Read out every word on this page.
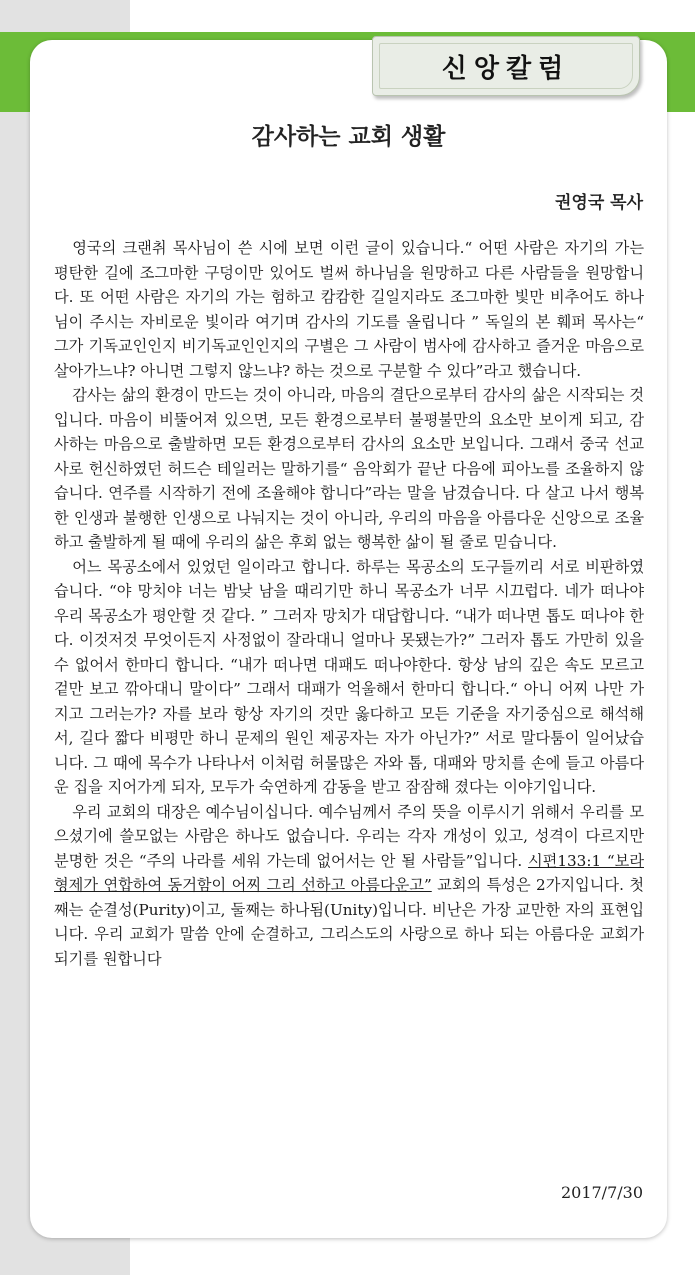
신앙칼럼
감사하는 교회 생활
권영국 목사

영국의 크랜취 목사님이 쓴 시에 보면 이런 글이 있습니다.“ 어떤 사람은 자기의 가는 평탄한 길에 조그마한 구덩이만 있어도 벌써 하나님을 원망하고 다른 사람들을 원망합니다. 또 어떤 사람은 자기의 가는 험하고 캄캄한 길일지라도 조그마한 빛만 비추어도 하나님이 주시는 자비로운 빛이라 여기며 감사의 기도를 올립니다 ” 독일의 본 훼퍼 목사는“ 그가 기독교인인지 비기독교인인지의 구별은 그 사람이 범사에 감사하고 즐거운 마음으로 살아가느냐? 아니면 그렇지 않느냐? 하는 것으로 구분할 수 있다”라고 했습니다.

감사는 삶의 환경이 만드는 것이 아니라, 마음의 결단으로부터 감사의 삶은 시작되는 것입니다. 마음이 비뚤어져 있으면, 모든 환경으로부터 불평불만의 요소만 보이게 되고, 감사하는 마음으로 출발하면 모든 환경으로부터 감사의 요소만 보입니다. 그래서 중국 선교사로 헌신하였던 허드슨 테일러는 말하기를“ 음악회가 끝난 다음에 피아노를 조율하지 않습니다. 연주를 시작하기 전에 조율해야 합니다”라는 말을 남겼습니다. 다 살고 나서 행복한 인생과 불행한 인생으로 나눠지는 것이 아니라, 우리의 마음을 아름다운 신앙으로 조율하고 출발하게 될 때에 우리의 삶은 후회 없는 행복한 삶이 될 줄로 믿습니다.

어느 목공소에서 있었던 일이라고 합니다. 하루는 목공소의 도구들끼리 서로 비판하였습니다. “야 망치야 너는 밤낮 남을 때리기만 하니 목공소가 너무 시끄럽다. 네가 떠나야 우리 목공소가 평안할 것 같다. ” 그러자 망치가 대답합니다. “내가 떠나면 톱도 떠나야 한다. 이것저것 무엇이든지 사정없이 잘라대니 얼마나 못됐는가?” 그러자 톱도 가만히 있을 수 없어서 한마디 합니다. “내가 떠나면 대패도 떠나야한다. 항상 남의 깊은 속도 모르고 겉만 보고 깎아대니 말이다” 그래서 대패가 억울해서 한마디 합니다.“ 아니 어찌 나만 가지고 그러는가? 자를 보라 항상 자기의 것만 옳다하고 모든 기준을 자기중심으로 해석해서, 길다 짧다 비평만 하니 문제의 원인 제공자는 자가 아닌가?” 서로 말다툼이 일어났습니다. 그 때에 목수가 나타나서 이처럼 허물많은 자와 톱, 대패와 망치를 손에 들고 아름다운 집을 지어가게 되자, 모두가 숙연하게 감동을 받고 잠잠해 졌다는 이야기입니다.

우리 교회의 대장은 예수님이십니다. 예수님께서 주의 뜻을 이루시기 위해서 우리를 모으셨기에 쓸모없는 사람은 하나도 없습니다. 우리는 각자 개성이 있고, 성격이 다르지만 분명한 것은 “주의 나라를 세워 가는데 없어서는 안 될 사람들”입니다. 시편133:1 “보라 형제가 연합하여 동거함이 어찌 그리 선하고 아름다운고” 교회의 특성은 2가지입니다. 첫째는 순결성(Purity)이고, 둘째는 하나됨(Unity)입니다. 비난은 가장 교만한 자의 표현입니다. 우리 교회가 말씀 안에 순결하고, 그리스도의 사랑으로 하나 되는 아름다운 교회가 되기를 원합니다

2017/7/30
